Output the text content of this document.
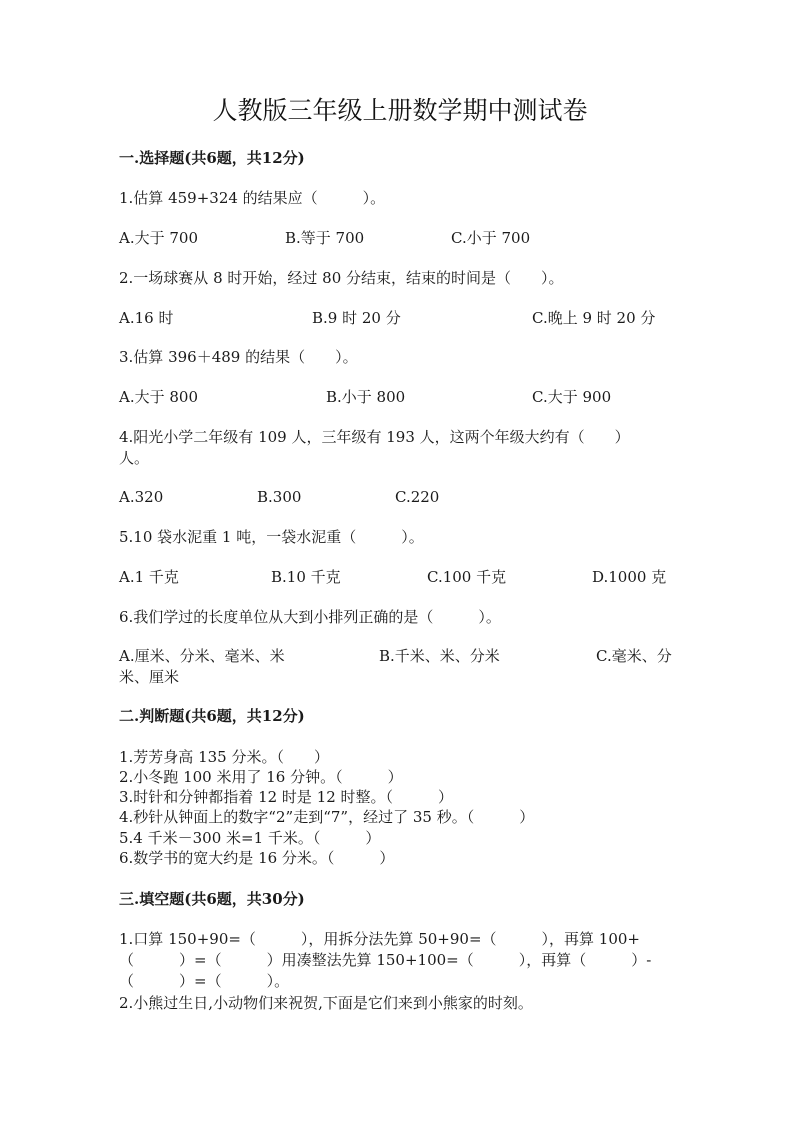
人教版三年级上册数学期中测试卷
一.选择题(共6题，共12分)
1.估算 459+324 的结果应（　　　）。
A.大于 700	B.等于 700	C.小于 700
2.一场球赛从 8 时开始，经过 80 分结束，结束的时间是（　　）。
A.16 时	B.9 时 20 分	C.晚上 9 时 20 分
3.估算 396＋489 的结果（　　）。
A.大于 800	B.小于 800	C.大于 900
4.阳光小学二年级有 109 人，三年级有 193 人，这两个年级大约有（　　）
人。
A.320	B.300	C.220
5.10 袋水泥重 1 吨，一袋水泥重（　　　）。
A.1 千克	B.10 千克	C.100 千克	D.1000 克
6.我们学过的长度单位从大到小排列正确的是（　　　）。
A.厘米、分米、毫米、米	B.千米、米、分米	C.毫米、分
米、厘米
二.判断题(共6题，共12分)
1.芳芳身高 135 分米。（　　）
2.小冬跑 100 米用了 16 分钟。（　　　）
3.时针和分钟都指着 12 时是 12 时整。（　　　）
4.秒针从钟面上的数字“2”走到“7”，经过了 35 秒。（　　　）
5.4 千米－300 米=1 千米。（　　　）
6.数学书的宽大约是 16 分米。（　　　）
三.填空题(共6题，共30分)
1.口算 150+90=（　　　），用拆分法先算 50+90=（　　　），再算 100+
（　　　）=（　　　）用凑整法先算 150+100=（　　　），再算（　　　）-
（　　　）=（　　　）。
2.小熊过生日,小动物们来祝贺,下面是它们来到小熊家的时刻。
